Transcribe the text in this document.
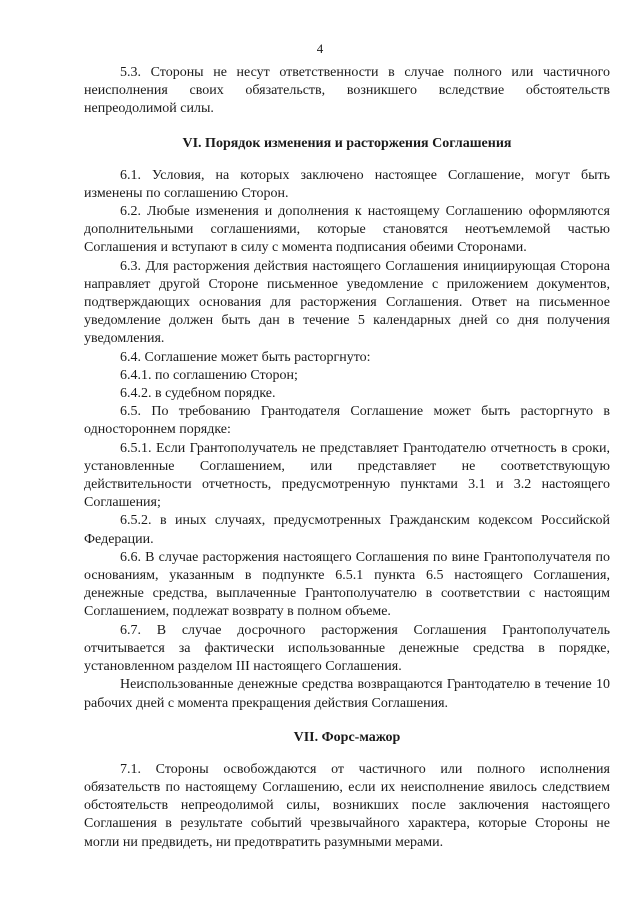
4

5.3. Стороны не несут ответственности в случае полного или частичного неисполнения своих обязательств, возникшего вследствие обстоятельств непреодолимой силы.

VI. Порядок изменения и расторжения Соглашения

6.1. Условия, на которых заключено настоящее Соглашение, могут быть изменены по соглашению Сторон.

6.2. Любые изменения и дополнения к настоящему Соглашению оформляются дополнительными соглашениями, которые становятся неотъемлемой частью Соглашения и вступают в силу с момента подписания обеими Сторонами.

6.3. Для расторжения действия настоящего Соглашения инициирующая Сторона направляет другой Стороне письменное уведомление с приложением документов, подтверждающих основания для расторжения Соглашения. Ответ на письменное уведомление должен быть дан в течение 5 календарных дней со дня получения уведомления.

6.4. Соглашение может быть расторгнуто:

6.4.1. по соглашению Сторон;

6.4.2. в судебном порядке.

6.5. По требованию Грантодателя Соглашение может быть расторгнуто в одностороннем порядке:

6.5.1. Если Грантополучатель не представляет Грантодателю отчетность в сроки, установленные Соглашением, или представляет не соответствующую действительности отчетность, предусмотренную пунктами 3.1 и 3.2 настоящего Соглашения;

6.5.2. в иных случаях, предусмотренных Гражданским кодексом Российской Федерации.

6.6. В случае расторжения настоящего Соглашения по вине Грантополучателя по основаниям, указанным в подпункте 6.5.1 пункта 6.5 настоящего Соглашения, денежные средства, выплаченные Грантополучателю в соответствии с настоящим Соглашением, подлежат возврату в полном объеме.

6.7. В случае досрочного расторжения Соглашения Грантополучатель отчитывается за фактически использованные денежные средства в порядке, установленном разделом III настоящего Соглашения.

Неиспользованные денежные средства возвращаются Грантодателю в течение 10 рабочих дней с момента прекращения действия Соглашения.

VII. Форс-мажор

7.1. Стороны освобождаются от частичного или полного исполнения обязательств по настоящему Соглашению, если их неисполнение явилось следствием обстоятельств непреодолимой силы, возникших после заключения настоящего Соглашения в результате событий чрезвычайного характера, которые Стороны не могли ни предвидеть, ни предотвратить разумными мерами.
